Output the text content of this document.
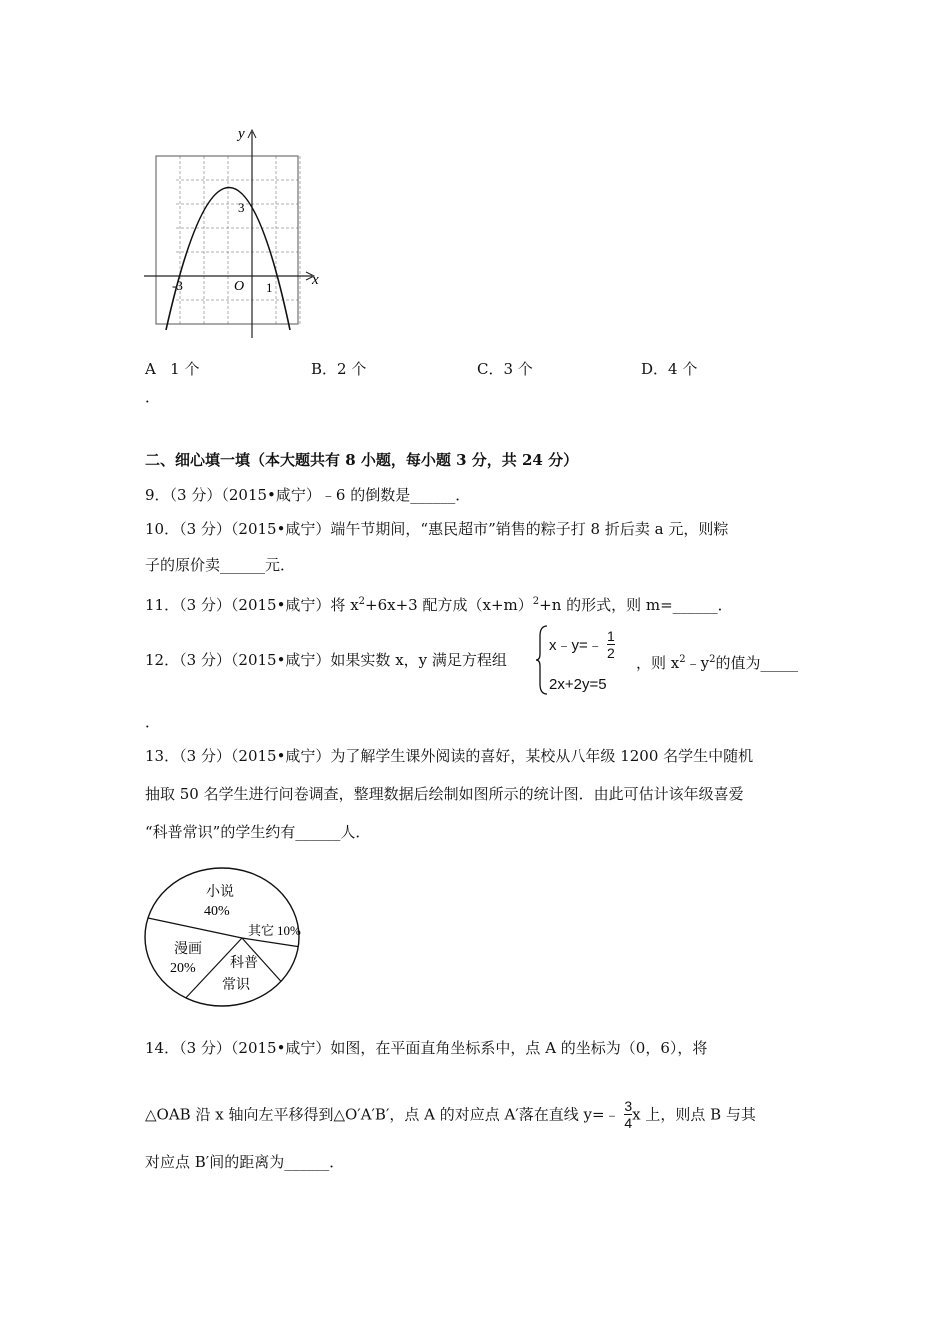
y
x
3
O
-3	1
A   1 个	B．2 个	C．3 个	D．4 个
．
二、细心填一填（本大题共有 8 小题，每小题 3 分，共 24 分）
9．（3 分）（2015•咸宁）﹣6 的倒数是______．
10．（3 分）（2015•咸宁）端午节期间，“惠民超市”销售的粽子打 8 折后卖 a 元，则粽
子的原价卖______元．
11．（3 分）（2015•咸宁）将 $x^2+6x+3$ 配方成$(x+m)^2+n$ 的形式，则 m=______．
12．（3 分）（2015•咸宁）如果实数 x，y 满足方程组
x﹣y=﹣ $\frac{1}{2}$
2x+2y=5
，则 $x^2﹣y^2$的值为_____
．
13．（3 分）（2015•咸宁）为了解学生课外阅读的喜好，某校从八年级 1200 名学生中随机
抽取 50 名学生进行问卷调查，整理数据后绘制如图所示的统计图．由此可估计该年级喜爱
“科普常识”的学生约有______人．
小说
40%
其它 10%
漫画
20%	科普 常识
14．（3 分）（2015•咸宁）如图，在平面直角坐标系中，点 A 的坐标为（0，6），将
△OAB 沿 x 轴向左平移得到△O′A′B′，点 A 的对应点 A′落在直线 y=﹣ $\frac{3}{4}$ x 上，则点 B 与其
对应点 B′间的距离为______．
